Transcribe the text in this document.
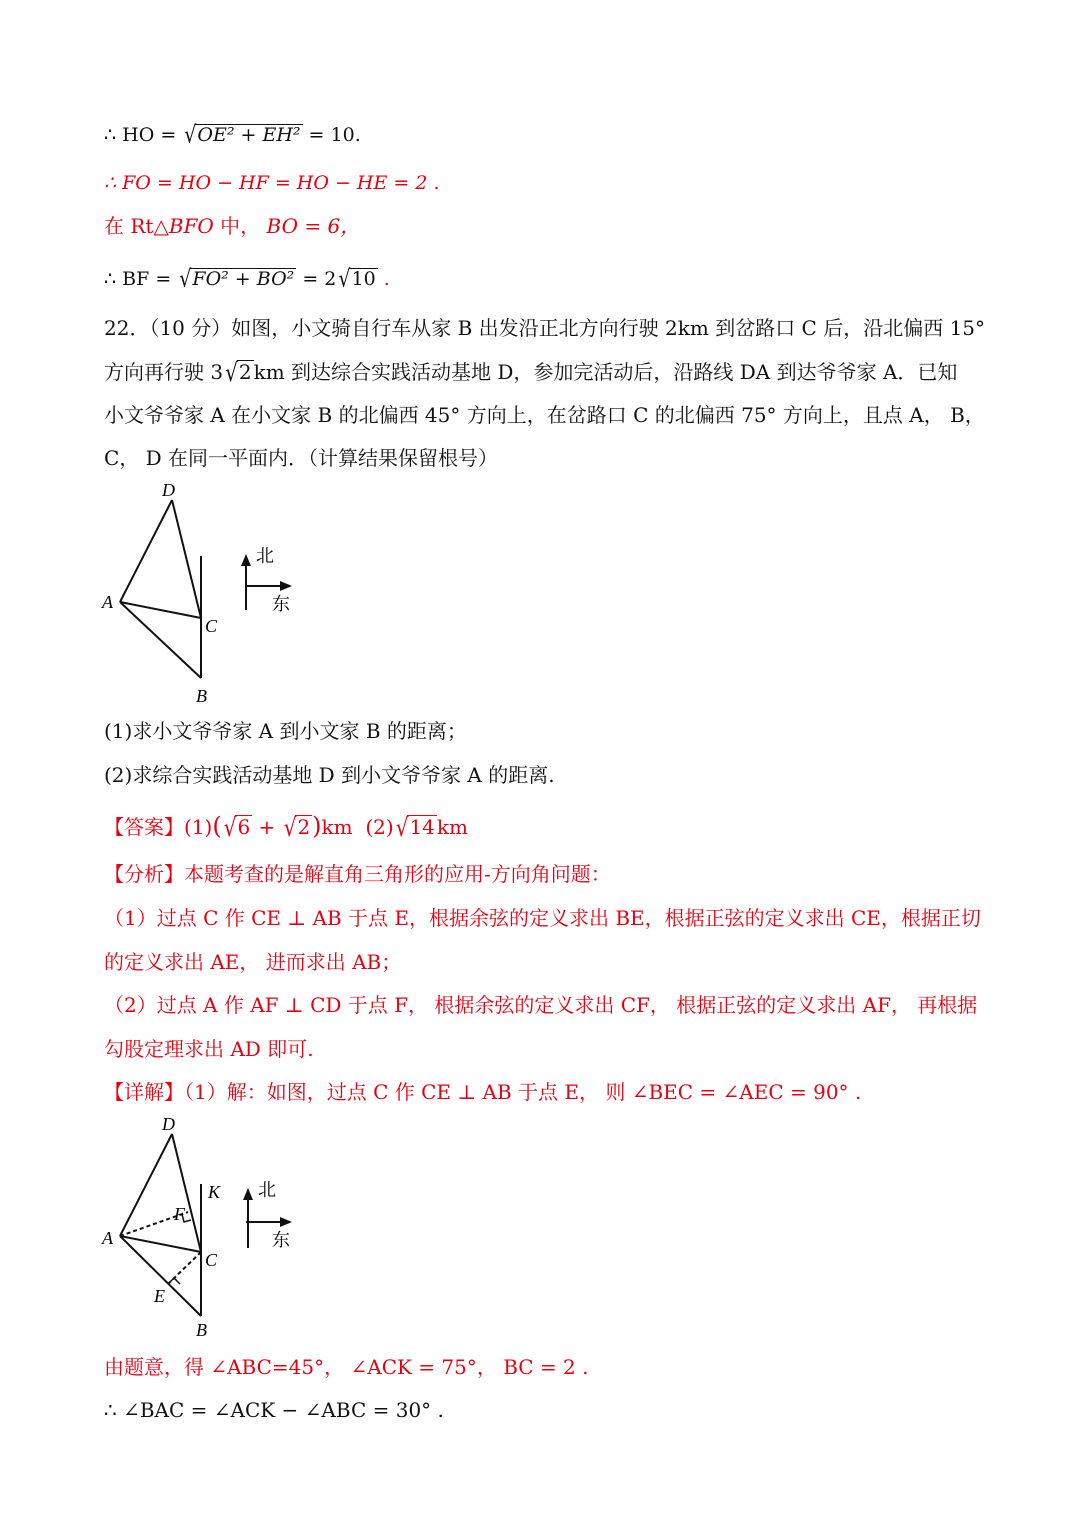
∴ HO = √OE² + EH² = 10.
∴ FO = HO − HF = HO − HE = 2 .
在 Rt△BFO 中， BO = 6，
∴ BF = √FO² + BO² = 2 √10 .
22．（10 分）如图，小文骑自行车从家 B 出发沿正北方向行驶 2km 到岔路口 C 后，沿北偏西 15°
方向再行驶 3 √2 km 到达综合实践活动基地 D，参加完活动后，沿路线 DA 到达爷爷家 A．已知
小文爷爷家 A 在小文家 B 的北偏西 45° 方向上，在岔路口 C 的北偏西 75° 方向上，且点 A， B，
C， D 在同一平面内．（计算结果保留根号）
D
A
C
B
北
东
(1)求小文爷爷家 A 到小文家 B 的距离；
(2)求综合实践活动基地 D 到小文爷爷家 A 的距离.
【答案】(1)( √6 + √2)km (2) √14 km
【分析】本题考查的是解直角三角形的应用-方向角问题：
（1）过点 C 作 CE ⊥ AB 于点 E，根据余弦的定义求出 BE，根据正弦的定义求出 CE，根据正切
的定义求出 AE， 进而求出 AB；
（2）过点 A 作 AF ⊥ CD 于点 F， 根据余弦的定义求出 CF， 根据正弦的定义求出 AF， 再根据
勾股定理求出 AD 即可.
【详解】（1）解：如图，过点 C 作 CE ⊥ AB 于点 E， 则 ∠BEC = ∠AEC = 90° .
D
A
C
B
K
F
E
北
东
由题意，得 ∠ABC=45°， ∠ACK = 75°， BC = 2 .
∴ ∠BAC = ∠ACK − ∠ABC = 30° .
